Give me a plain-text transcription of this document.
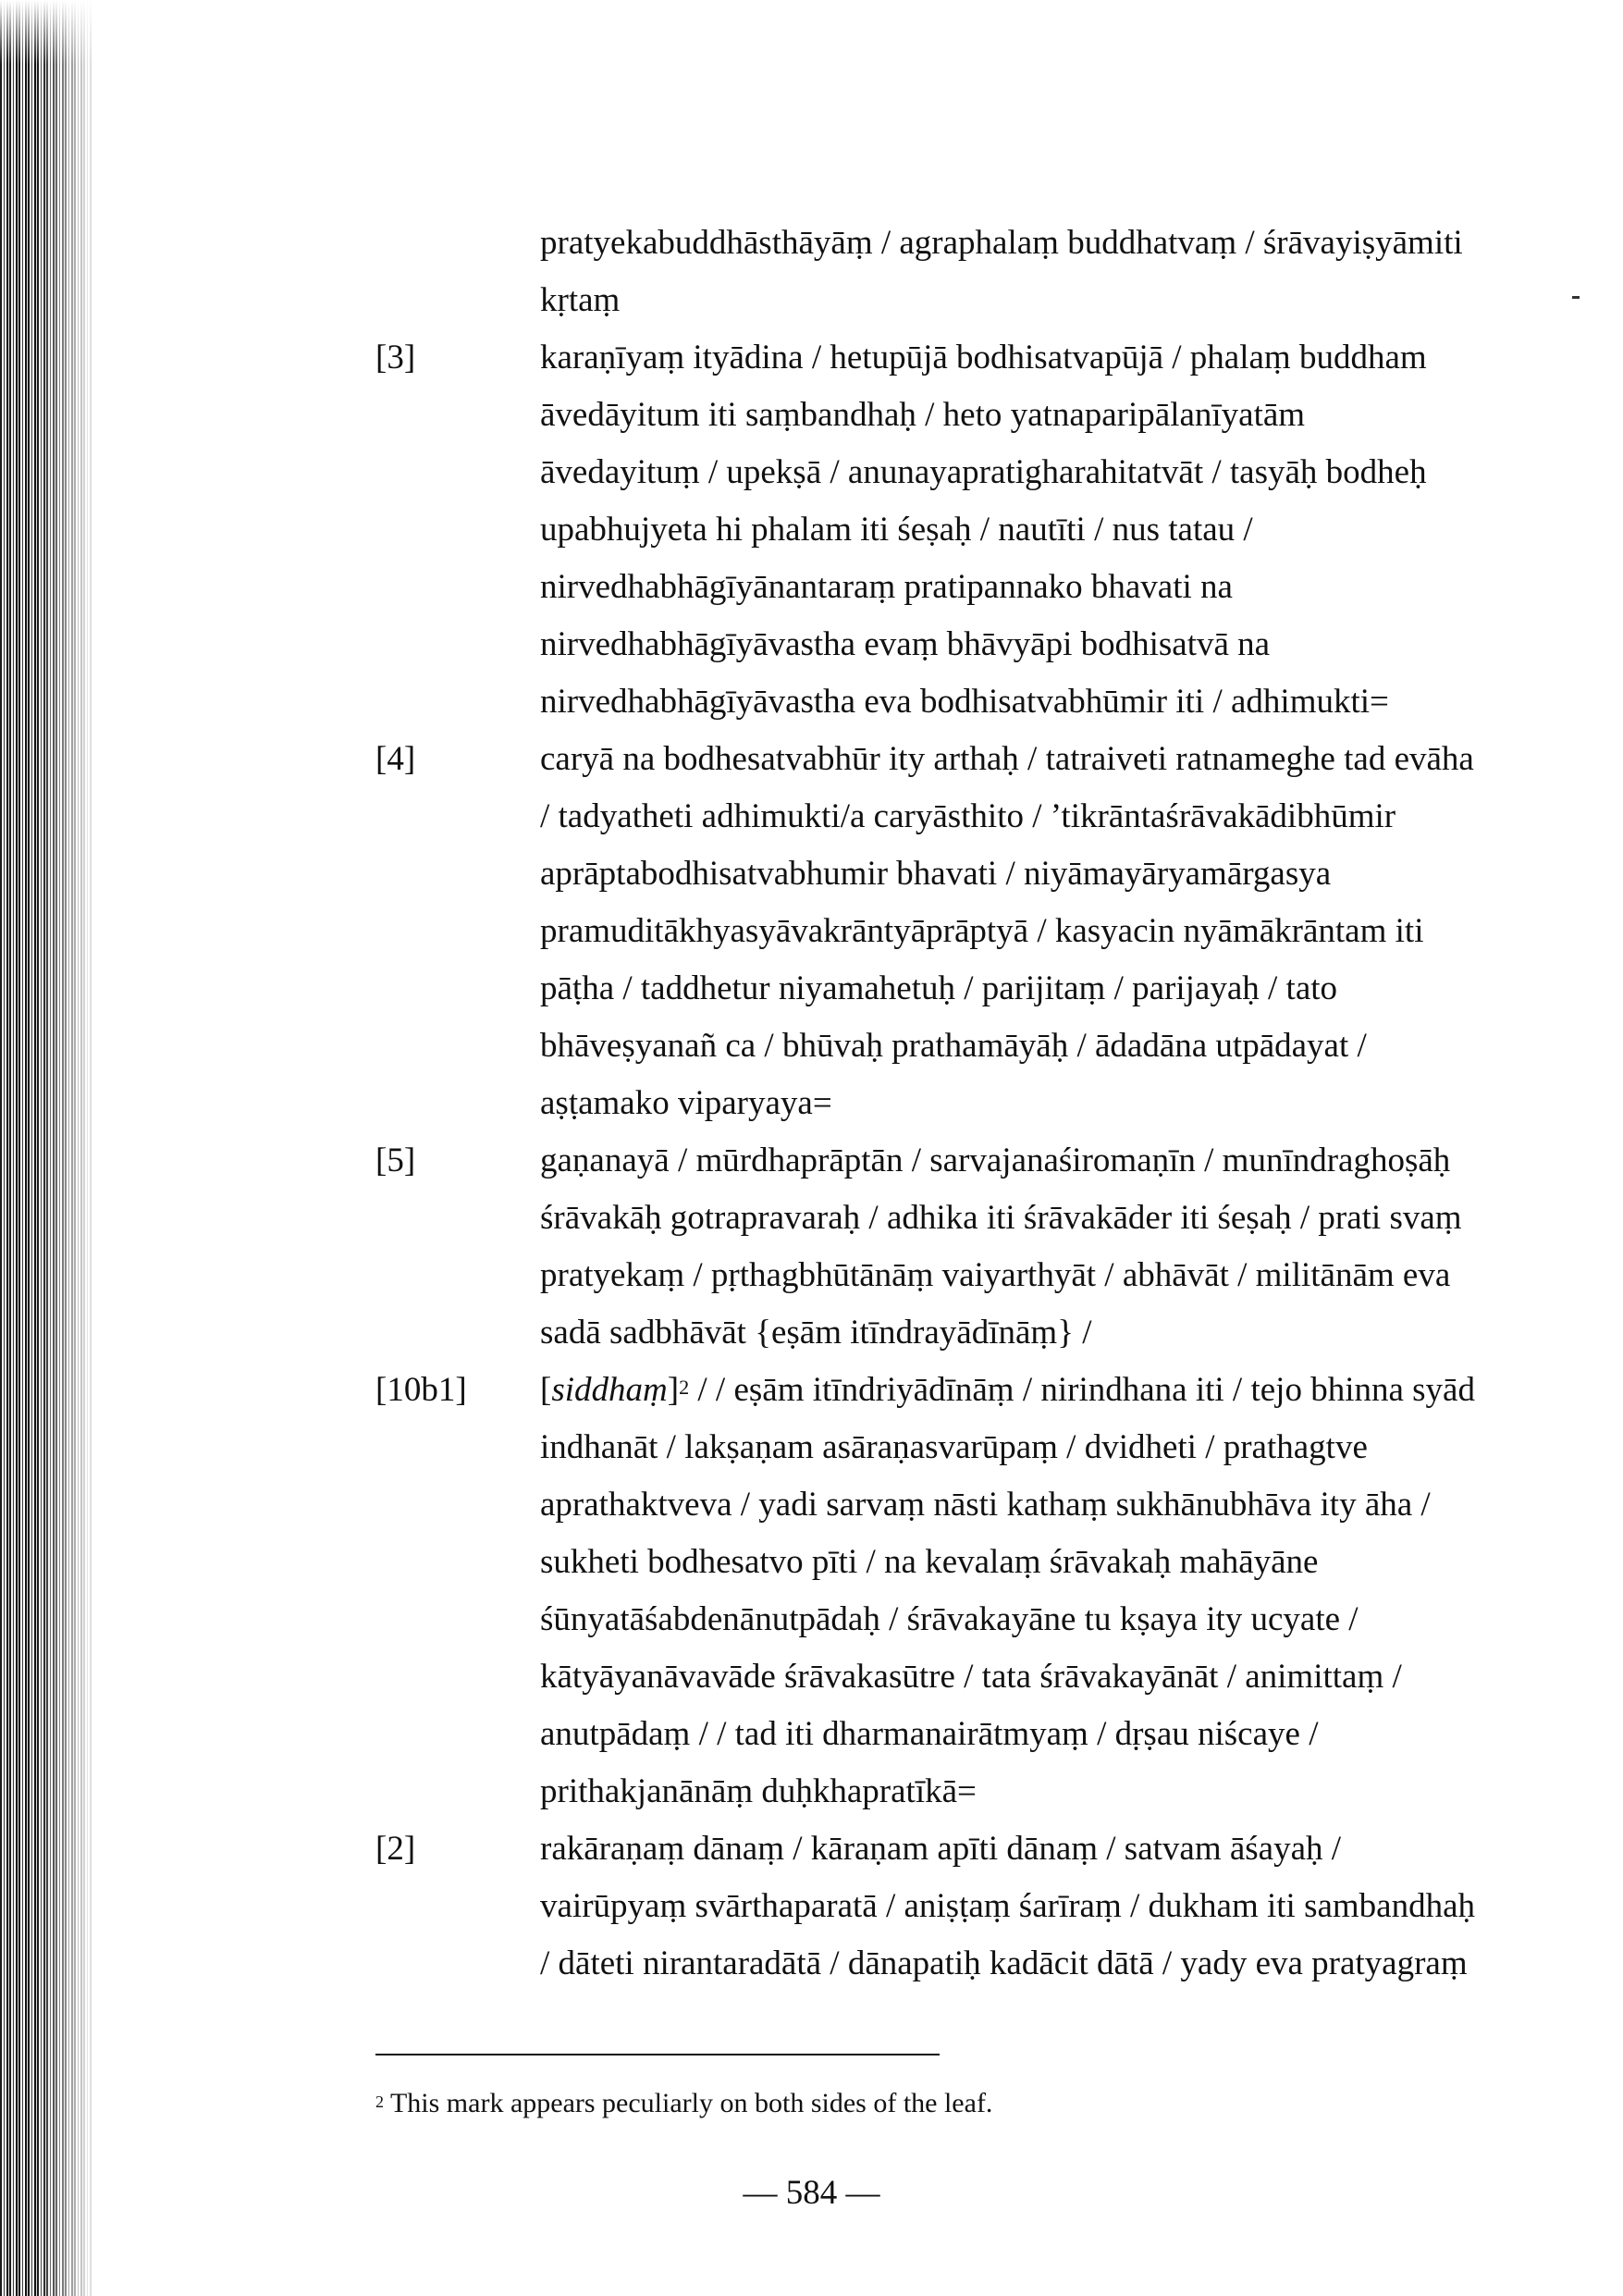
pratyekabuddhāsthāyāṃ / agraphalaṃ buddhatvaṃ / śrāvayiṣyāmiti
kṛtaṃ
[3]	karaṇīyaṃ ityādina / hetupūjā bodhisatvapūjā / phalaṃ buddham
āvedāyitum iti saṃbandhaḥ / heto yatnaparipālanīyatām
āvedayituṃ / upekṣā / anunayapratigharahitatvāt / tasyāḥ bodheḥ
upabhujyeta hi phalam iti śeṣaḥ / nautīti / nus tatau /
nirvedhabhāgīyānantaraṃ pratipannako bhavati na
nirvedhabhāgīyāvastha evaṃ bhāvyāpi bodhisatvā na
nirvedhabhāgīyāvastha eva bodhisatvabhūmir iti / adhimukti=
[4]	caryā na bodhesatvabhūr ity arthaḥ / tatraiveti ratnameghe tad evāha
/ tadyatheti adhimukti/a caryāsthito / ’tikrāntaśrāvakādibhūmir
aprāptabodhisatvabhumir bhavati / niyāmayāryamārgasya
pramuditākhyasyāvakrāntyāprāptyā / kasyacin nyāmākrāntam iti
pāṭha / taddhetur niyamahetuḥ / parijitaṃ / parijayaḥ / tato
bhāveṣyanañ ca / bhūvaḥ prathamāyāḥ / ādadāna utpādayat /
aṣṭamako viparyaya=
[5]	gaṇanayā / mūrdhaprāptān / sarvajanaśiromaṇīn / munīndraghoṣāḥ
śrāvakāḥ gotrapravaraḥ / adhika iti śrāvakāder iti śeṣaḥ / prati svaṃ
pratyekaṃ / pṛthagbhūtānāṃ vaiyarthyāt / abhāvāt / militānām eva
sadā sadbhāvāt {eṣām itīndrayādīnāṃ} /
[10b1] [siddhaṃ]$^2$ / / eṣām itīndriyādīnāṃ / nirindhana iti / tejo bhinna syād
indhanāt / lakṣaṇam asāraṇasvarūpaṃ / dvidheti / prathagtve
aprathaktveva / yadi sarvaṃ nāsti kathaṃ sukhānubhāva ity āha /
sukheti bodhesatvo pīti / na kevalaṃ śrāvakaḥ mahāyāne
śūnyatāśabdenānutpādaḥ / śrāvakayāne tu kṣaya ity ucyate /
kātyāyanāvavāde śrāvakasūtre / tata śrāvakayānāt / animittaṃ /
anutpādaṃ / / tad iti dharmanairātmyaṃ / dṛṣau niścaye /
prithakjanānāṃ duḥkhapratīkā=
[2]	rakāraṇaṃ dānaṃ / kāraṇam apīti dānaṃ / satvam āśayaḥ /
vairūpyaṃ svārthaparatā / aniṣṭaṃ śarīraṃ / dukham iti sambandhaḥ
/ dāteti nirantaradātā / dānapatiḥ kadācit dātā / yady eva pratyagraṃ
$^2$ This mark appears peculiarly on both sides of the leaf.
— 584 —
